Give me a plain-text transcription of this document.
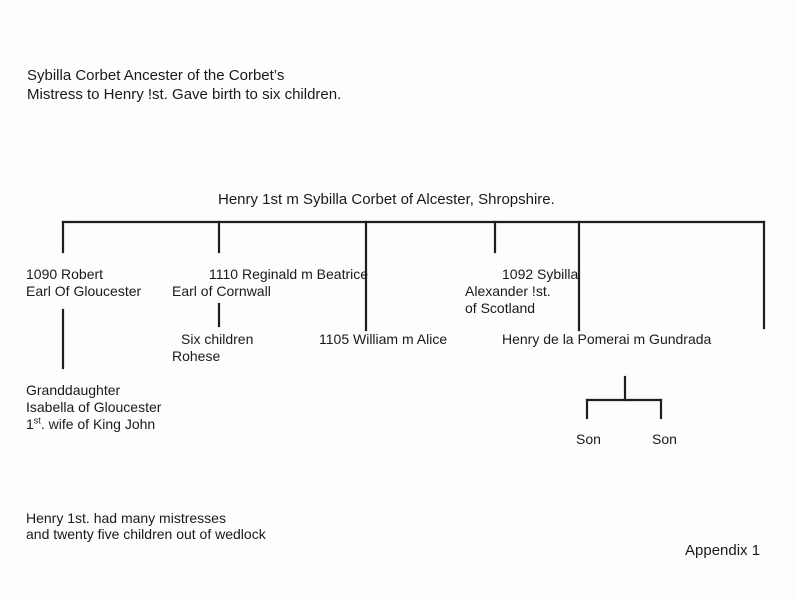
Sybilla Corbet Ancester of the Corbet’s
Mistress to Henry !st. Gave birth to six children.
Henry 1st m Sybilla Corbet of Alcester, Shropshire.
1090 Robert
Earl Of Gloucester
1110 Reginald m Beatrice
Earl of Cornwall
Six children
Rohese
1105 William m Alice
1092 Sybilla
Alexander !st.
of Scotland
Henry de la Pomerai m Gundrada
Son	Son
Granddaughter
Isabella of Gloucester
1st. wife of King John
Henry 1st. had many mistresses
and twenty five children out of wedlock
Appendix 1
